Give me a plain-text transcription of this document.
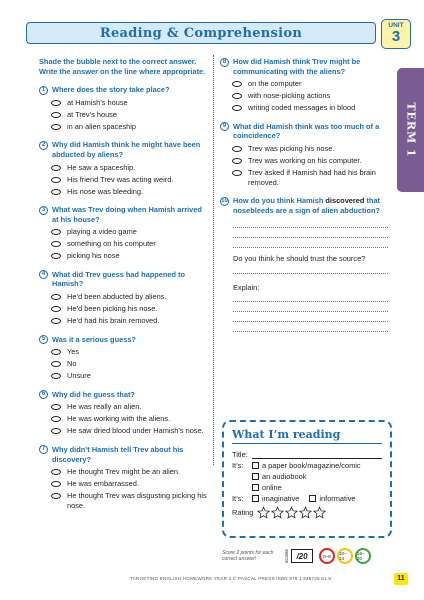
Reading & Comprehension	UNIT
3
TERM 1
Shade the bubble next to the correct answer. Write the answer on the line where appropriate.
1 Where does the story take place?
at Hamish’s house
at Trev’s house
in an alien spaceship
2 Why did Hamish think he might have been abducted by aliens?
He saw a spaceship.
His friend Trev was acting weird.
His nose was bleeding.
3 What was Trev doing when Hamish arrived at his house?
playing a video game
something on his computer
picking his nose
4 What did Trev guess had happened to Hamish?
He’d been abducted by aliens.
He’d been picking his nose.
He’d had his brain removed.
5 Was it a serious guess?
Yes
No
Unsure
6 Why did he guess that?
He was really an alien.
He was working with the aliens.
He saw dried blood under Hamish’s nose.
7 Why didn’t Hamish tell Trev about his discovery?
He thought Trev might be an alien.
He was embarrassed.
He thought Trev was disgusting picking his nose.
8 How did Hamish think Trev might be communicating with the aliens?
on the computer
with nose-picking actions
writing coded messages in blood
9 What did Hamish think was too much of a coincidence?
Trev was picking his nose.
Trev was working on his computer.
Trev asked if Hamish had had his brain removed.
10 How do you think Hamish discovered that nosebleeds are a sign of alien abduction?
Do you think he should trust the source?
Explain:
What I’m reading
Title:
It’s:	a paper book/magazine/comic
an audiobook
online
It’s:	imaginative	informative
Rating
Score 2 points for each correct answer!	SCORE /20	0–8	10–14
16–20
TARGETING ENGLISH HOMEWORK YEAR 4 © PASCAL PRESS ISBN 978 1 925726 61 9	11
